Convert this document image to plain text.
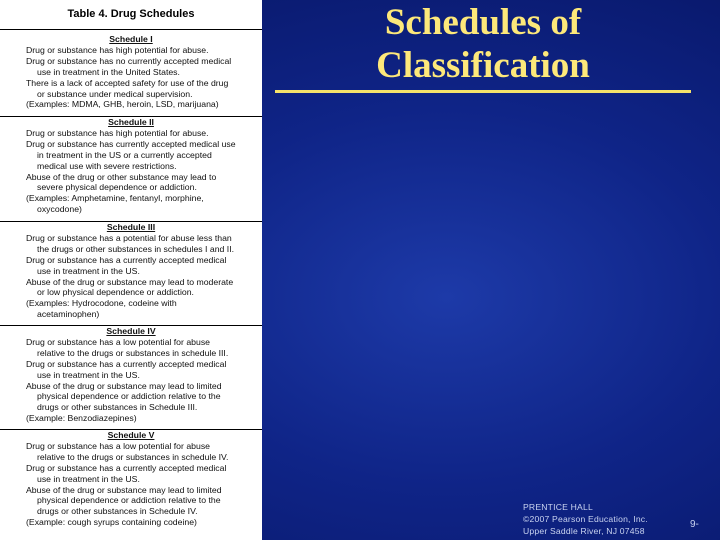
Table 4. Drug Schedules
Schedule I
Drug or substance has high potential for abuse.
Drug or substance has no currently accepted medical
use in treatment in the United States.
There is a lack of accepted safety for use of the drug
or substance under medical supervision.
(Examples: MDMA, GHB, heroin, LSD, marijuana)
Schedule II
Drug or substance has high potential for abuse.
Drug or substance has currently accepted medical use
in treatment in the US or a currently accepted
medical use with severe restrictions.
Abuse of the drug or other substance may lead to
severe physical dependence or addiction.
(Examples: Amphetamine, fentanyl, morphine,
oxycodone)
Schedule III
Drug or substance has a potential for abuse less than
the drugs or other substances in schedules I and II.
Drug or substance has a currently accepted medical
use in treatment in the US.
Abuse of the drug or substance may lead to moderate
or low physical dependence or addiction.
(Examples: Hydrocodone, codeine with
acetaminophen)
Schedule IV
Drug or substance has a low potential for abuse
relative to the drugs or substances in schedule III.
Drug or substance has a currently accepted medical
use in treatment in the US.
Abuse of the drug or substance may lead to limited
physical dependence or addiction relative to the
drugs or other substances in Schedule III.
(Example: Benzodiazepines)
Schedule V
Drug or substance has a low potential for abuse
relative to the drugs or substances in schedule IV.
Drug or substance has a currently accepted medical
use in treatment in the US.
Abuse of the drug or substance may lead to limited
physical dependence or addiction relative to the
drugs or other substances in Schedule IV.
(Example: cough syrups containing codeine)
Schedules of
Classification
PRENTICE HALL
©2007 Pearson Education, Inc.
Upper Saddle River, NJ 07458
9-
